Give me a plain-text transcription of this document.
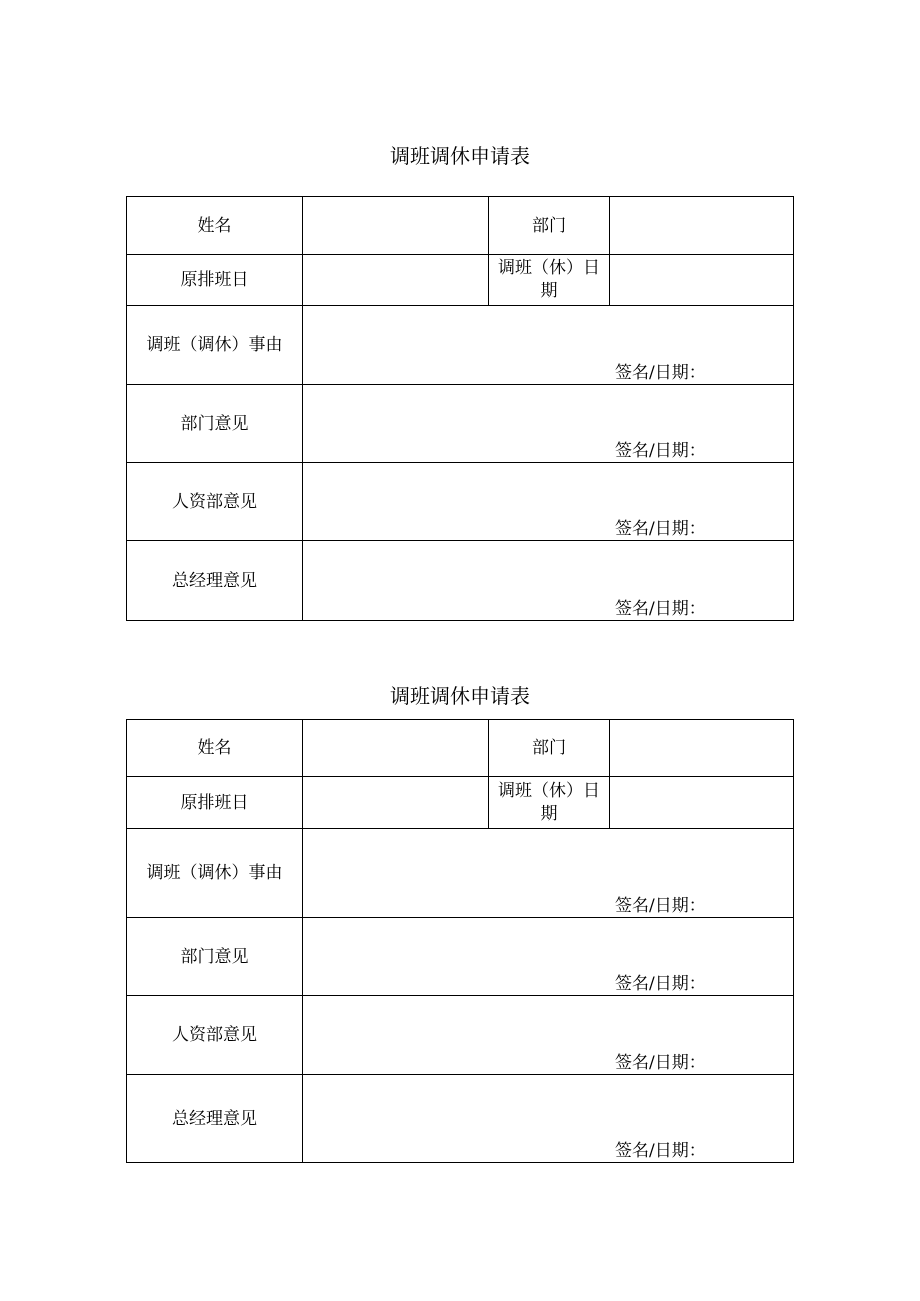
调班调休申请表
姓名		部门	
原排班日		调班（休）日
期	
调班（调休）事由	签名/日期：		

部门意见	签名/日期：		

人资部意见	签名/日期：		

总经理意见	签名/日期：		
调班调休申请表
姓名		部门	
原排班日		调班（休）日
期	
调班（调休）事由	签名/日期：		

部门意见	签名/日期：		

人资部意见	签名/日期：		

总经理意见	签名/日期：		
